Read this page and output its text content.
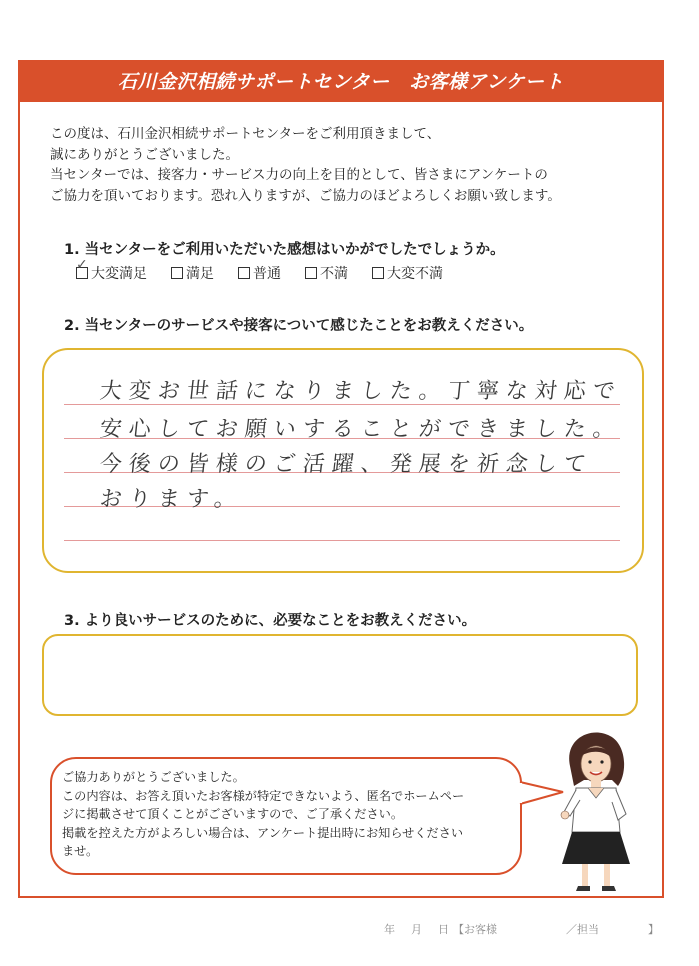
石川金沢相続サポートセンター　お客様アンケート
この度は、石川金沢相続サポートセンターをご利用頂きまして、
誠にありがとうございました。
当センターでは、接客力・サービス力の向上を目的として、皆さまにアンケートの
ご協力を頂いております。恐れ入りますが、ご協力のほどよろしくお願い致します。
1. 当センターをご利用いただいた感想はいかがでしたでしょうか。
✓
大変満足	満足	普通	不満	大変不満
2. 当センターのサービスや接客について感じたことをお教えください。
大変お世話になりました。丁寧な対応で
安心してお願いすることができました。
今後の皆様のご活躍、発展を祈念して
おります。
3. より良いサービスのために、必要なことをお教えください。
ご協力ありがとうございました。
この内容は、お答え頂いたお客様が特定できないよう、匿名でホームペー
ジに掲載させて頂くことがございますので、ご了承ください。
掲載を控えた方がよろしい場合は、アンケート提出時にお知らせください
ませ。
年 月 日 【お客様	／担当	】
